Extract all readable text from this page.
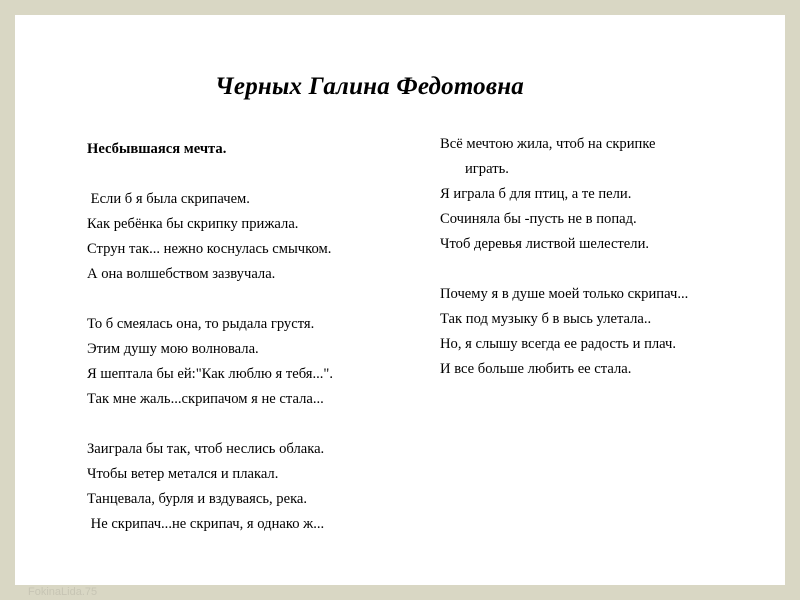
Черных Галина Федотовна
Несбывшаяся мечта.
Если б я была скрипачем.
Как ребёнка бы скрипку прижала.
Струн так... нежно коснулась смычком.
А она волшебством зазвучала.
То б смеялась она, то рыдала грустя.
Этим душу мою волновала.
Я шептала бы ей:"Как люблю я тебя...".
Так мне жаль...скрипачом я не стала...
Заиграла бы так, чтоб неслись облака.
Чтобы ветер метался и плакал.
Танцевала, бурля и вздуваясь, река.
Не скрипач...не скрипач, я однако ж...
Всё мечтою жила, чтоб на скрипке
играть.
Я играла б для птиц, а те пели.
Сочиняла бы -пусть не в попад.
Чтоб деревья листвой шелестели.
Почему я в душе моей только скрипач...
Так под музыку б в высь улетала..
Но, я слышу всегда ее радость и плач.
И все больше любить ее стала.
FokinaLida.75
